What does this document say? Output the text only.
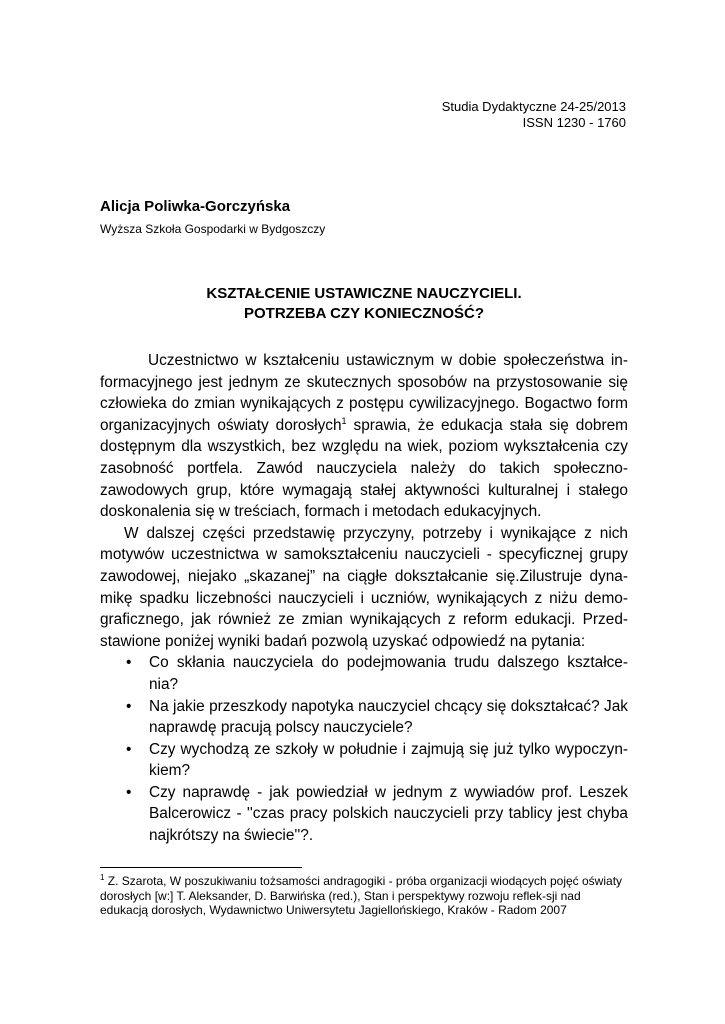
Studia Dydaktyczne 24-25/2013
ISSN 1230 - 1760
Alicja Poliwka-Gorczyńska
Wyższa Szkoła Gospodarki w Bydgoszczy
KSZTAŁCENIE USTAWICZNE NAUCZYCIELI.
POTRZEBA CZY KONIECZNOŚĆ?

Uczestnictwo w kształceniu ustawicznym w dobie społeczeństwa in-formacyjnego jest jednym ze skutecznych sposobów na przystosowanie się człowieka do zmian wynikających z postępu cywilizacyjnego. Bogactwo form organizacyjnych oświaty dorosłych$^1$ sprawia, że edukacja stała się dobrem dostępnym dla wszystkich, bez względu na wiek, poziom wykształcenia czy zasobność portfela. Zawód nauczyciela należy do takich społeczno-zawodowych grup, które wymagają stałej aktywności kulturalnej i stałego doskonalenia się w treściach, formach i metodach edukacyjnych.

W dalszej części przedstawię przyczyny, potrzeby i wynikające z nich motywów uczestnictwa w samokształceniu nauczycieli - specyficznej grupy zawodowej, niejako „skazanej” na ciągłe dokształcanie się.Zilustruje dyna-mikę spadku liczebności nauczycieli i uczniów, wynikających z niżu demo-graficznego, jak również ze zmian wynikających z reform edukacji. Przed-stawione poniżej wyniki badań pozwolą uzyskać odpowiedź na pytania:

• Co skłania nauczyciela do podejmowania trudu dalszego kształce-nia?
• Na jakie przeszkody napotyka nauczyciel chcący się dokształcać? Jak naprawdę pracują polscy nauczyciele?
• Czy wychodzą ze szkoły w południe i zajmują się już tylko wypoczyn-kiem?
• Czy naprawdę - jak powiedział w jednym z wywiadów prof. Leszek Balcerowicz - ''czas pracy polskich nauczycieli przy tablicy jest chyba najkrótszy na świecie''?.
$^1$ Z. Szarota, W poszukiwaniu tożsamości andragogiki - próba organizacji wiodących pojęć oświaty dorosłych [w:] T. Aleksander, D. Barwińska (red.), Stan i perspektywy rozwoju reflek-sji nad edukacją dorosłych, Wydawnictwo Uniwersytetu Jagiellońskiego, Kraków - Radom 2007
